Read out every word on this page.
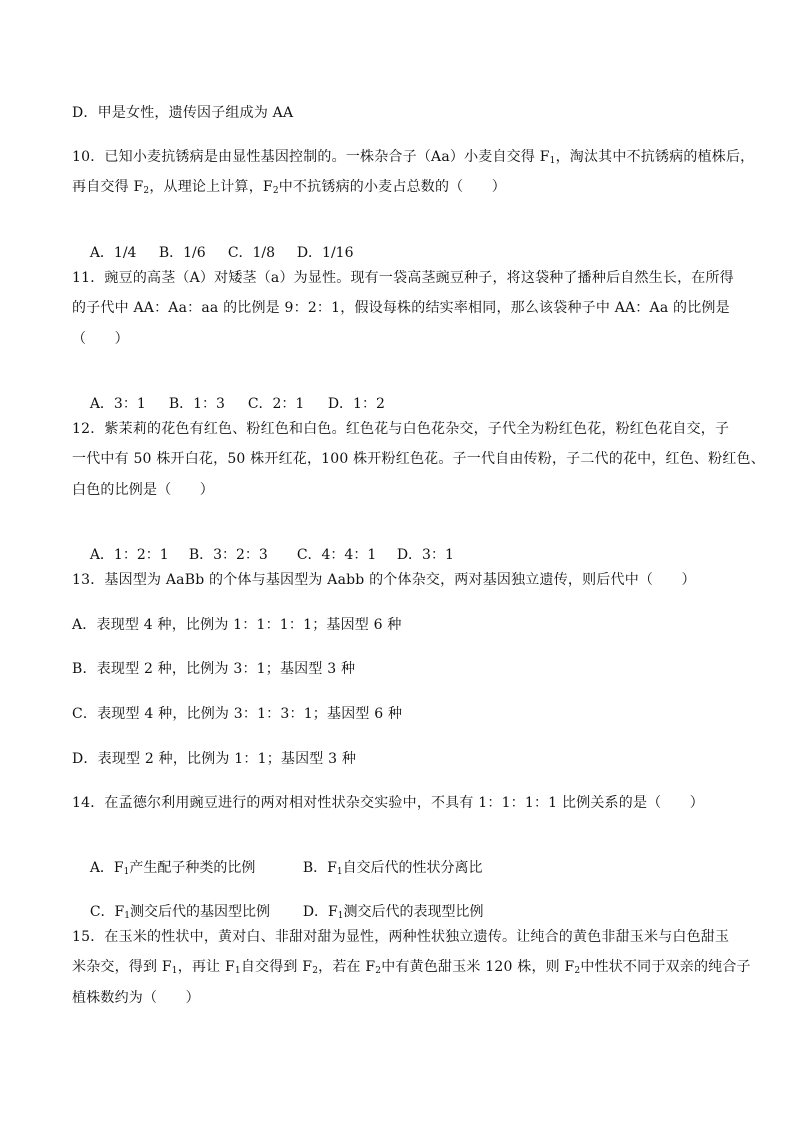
D．甲是女性，遗传因子组成为 AA
10．已知小麦抗锈病是由显性基因控制的。一株杂合子（Aa）小麦自交得 $F_1$，淘汰其中不抗锈病的植株后，
再自交得 $F_2$，从理论上计算，$F_2$中不抗锈病的小麦占总数的（　　）

A．1/4 B．1/6 C．1/8 D．1/16

11．豌豆的高茎（A）对矮茎（a）为显性。现有一袋高茎豌豆种子，将这袋种了播种后自然生长，在所得
的子代中 AA：Aa：aa 的比例是 9：2：1，假设每株的结实率相同，那么该袋种子中 AA：Aa 的比例是
（　　）

A．3：1 B．1：3 C．2：1 D．1：2

12．紫茉莉的花色有红色、粉红色和白色。红色花与白色花杂交，子代全为粉红色花，粉红色花自交，子
一代中有 50 株开白花，50 株开红花，100 株开粉红色花。子一代自由传粉，子二代的花中，红色、粉红色、
白色的比例是（　　）

A．1：2：1 B．3：2：3 C．4：4：1 D．3：1

13．基因型为 AaBb 的个体与基因型为 Aabb 的个体杂交，两对基因独立遗传，则后代中（　　）
A．表现型 4 种，比例为 1：1：1：1；基因型 6 种
B．表现型 2 种，比例为 3：1；基因型 3 种
C．表现型 4 种，比例为 3：1：3：1；基因型 6 种
D．表现型 2 种，比例为 1：1；基因型 3 种
14．在孟德尔利用豌豆进行的两对相对性状杂交实验中，不具有 1：1：1：1 比例关系的是（　　）

A．$F_1$产生配子种类的比例	B．$F_1$自交后代的性状分离比

C．$F_1$测交后代的基因型比例 D．$F_1$测交后代的表现型比例

15．在玉米的性状中，黄对白、非甜对甜为显性，两种性状独立遗传。让纯合的黄色非甜玉米与白色甜玉
米杂交，得到 $F_1$，再让 $F_1$自交得到 $F_2$，若在 $F_2$中有黄色甜玉米 120 株，则 $F_2$中性状不同于双亲的纯合子
植株数约为（　　）
